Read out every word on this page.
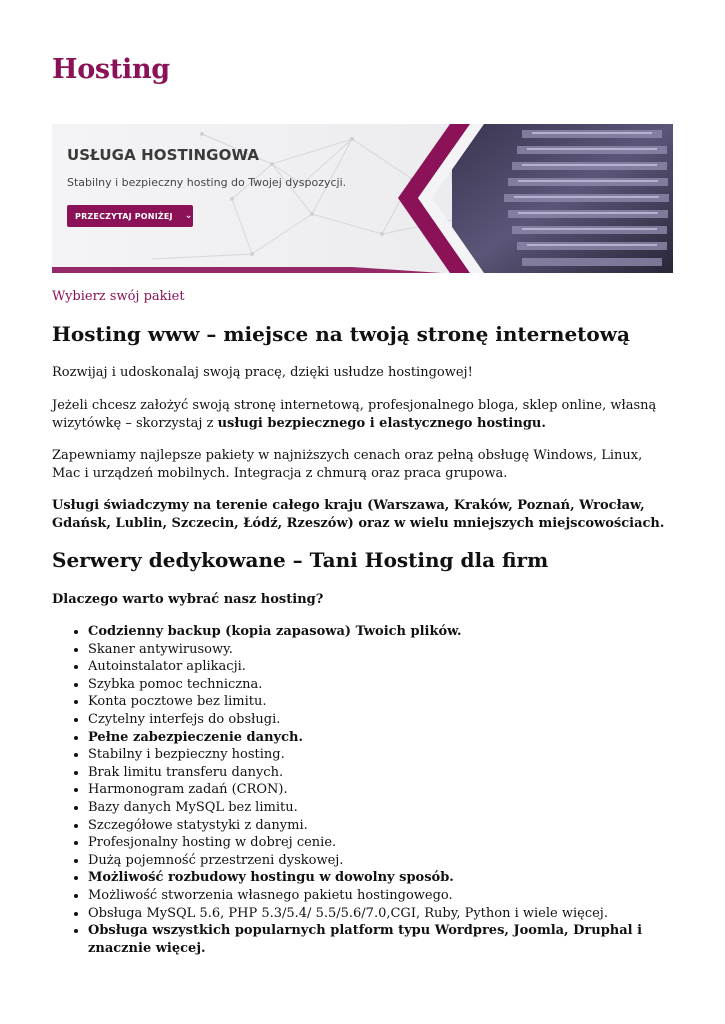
Hosting
USŁUGA HOSTINGOWA
Stabilny i bezpieczny hosting do Twojej dyspozycji.
PRZECZYTAJ PONIŻEJ ⌄
Wybierz swój pakiet
Hosting www – miejsce na twoją stronę internetową

Rozwijaj i udoskonalaj swoją pracę, dzięki usłudze hostingowej!

Jeżeli chcesz założyć swoją stronę internetową, profesjonalnego bloga, sklep online, własną wizytówkę – skorzystaj z usługi bezpiecznego i elastycznego hostingu.

Zapewniamy najlepsze pakiety w najniższych cenach oraz pełną obsługę Windows, Linux, Mac i urządzeń mobilnych. Integracja z chmurą oraz praca grupowa.

Usługi świadczymy na terenie całego kraju (Warszawa, Kraków, Poznań, Wrocław, Gdańsk, Lublin, Szczecin, Łódź, Rzeszów) oraz w wielu mniejszych miejscowościach.

Serwery dedykowane – Tani Hosting dla firm

Dlaczego warto wybrać nasz hosting?

• Codzienny backup (kopia zapasowa) Twoich plików.
• Skaner antywirusowy.
• Autoinstalator aplikacji.
• Szybka pomoc techniczna.
• Konta pocztowe bez limitu.
• Czytelny interfejs do obsługi.
• Pełne zabezpieczenie danych.
• Stabilny i bezpieczny hosting.
• Brak limitu transferu danych.
• Harmonogram zadań (CRON).
• Bazy danych MySQL bez limitu.
• Szczegółowe statystyki z danymi.
• Profesjonalny hosting w dobrej cenie.
• Dużą pojemność przestrzeni dyskowej.
• Możliwość rozbudowy hostingu w dowolny sposób.
• Możliwość stworzenia własnego pakietu hostingowego.
• Obsługa MySQL 5.6, PHP 5.3/5.4/ 5.5/5.6/7.0,CGI, Ruby, Python i wiele więcej.
• Obsługa wszystkich popularnych platform typu Wordpres, Joomla, Druphal i znacznie więcej.
